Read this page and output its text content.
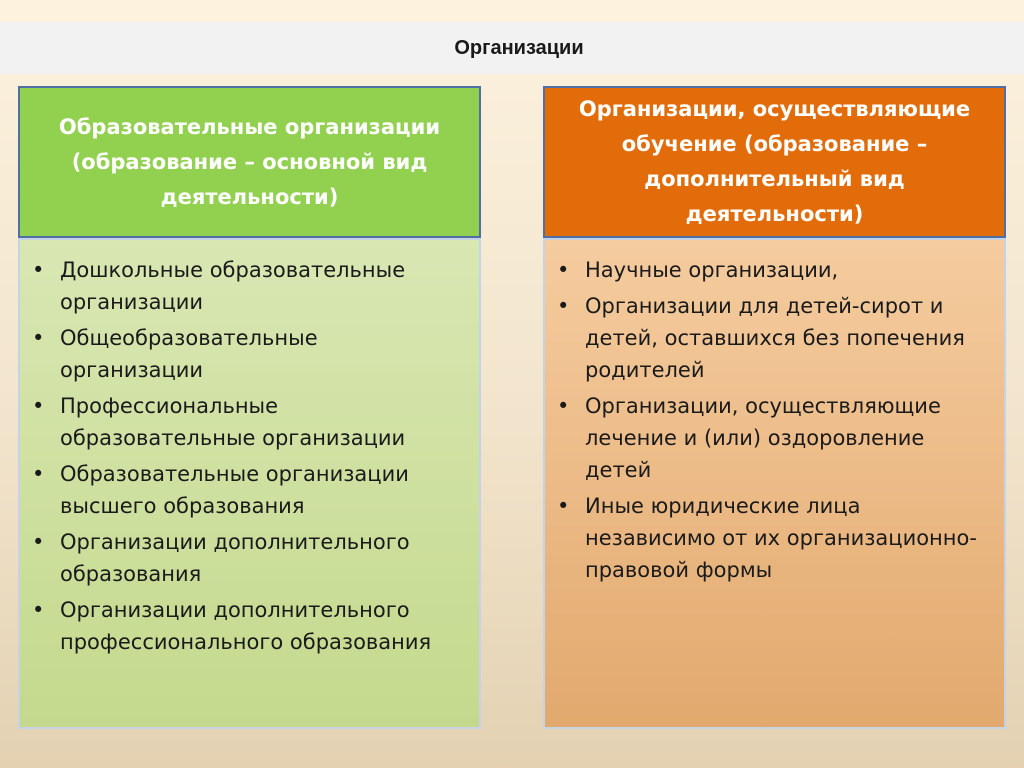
Организации
Образовательные организации (образование – основной вид деятельности)
• Дошкольные образовательные организации
• Общеобразовательные организации
• Профессиональные образовательные организации
• Образовательные организации высшего образования
• Организации дополнительного образования
• Организации дополнительного профессионального образования
Организации, осуществляющие обучение (образование – дополнительный вид деятельности)
• Научные организации,
• Организации для детей-сирот и детей, оставшихся без попечения родителей
• Организации, осуществляющие лечение и (или) оздоровление детей
• Иные юридические лица независимо от их организационно-правовой формы
